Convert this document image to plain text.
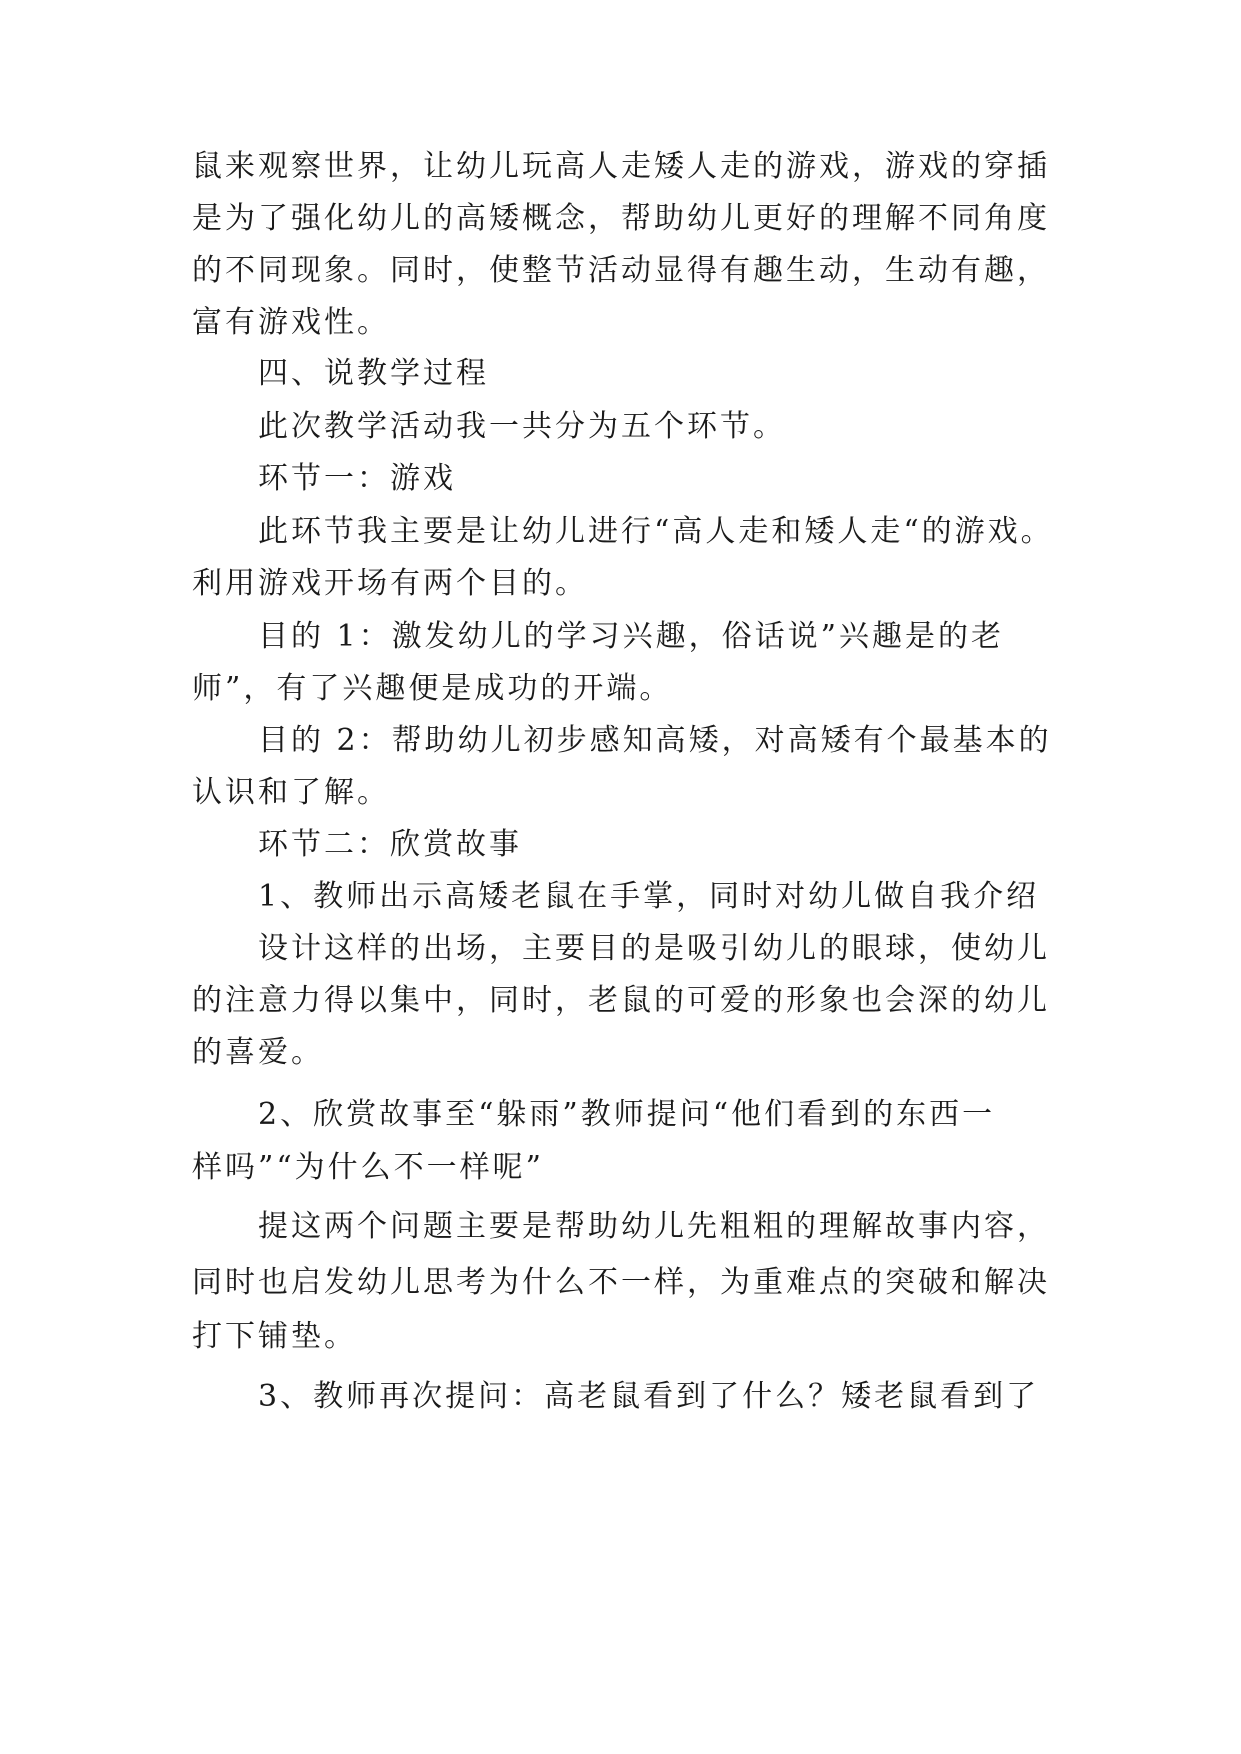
鼠来观察世界，让幼儿玩高人走矮人走的游戏，游戏的穿插
是为了强化幼儿的高矮概念，帮助幼儿更好的理解不同角度
的不同现象。同时，使整节活动显得有趣生动，生动有趣，
富有游戏性。
四、说教学过程
此次教学活动我一共分为五个环节。
环节一：游戏
此环节我主要是让幼儿进行“高人走和矮人走“的游戏。
利用游戏开场有两个目的。
目的 1：激发幼儿的学习兴趣，俗话说”兴趣是的老
师”，有了兴趣便是成功的开端。
目的 2：帮助幼儿初步感知高矮，对高矮有个最基本的
认识和了解。
环节二：欣赏故事
1、教师出示高矮老鼠在手掌，同时对幼儿做自我介绍
设计这样的出场，主要目的是吸引幼儿的眼球，使幼儿
的注意力得以集中，同时，老鼠的可爱的形象也会深的幼儿
的喜爱。
2、欣赏故事至“躲雨”教师提问“他们看到的东西一
样吗”“为什么不一样呢”
提这两个问题主要是帮助幼儿先粗粗的理解故事内容，
同时也启发幼儿思考为什么不一样，为重难点的突破和解决
打下铺垫。
3、教师再次提问：高老鼠看到了什么？矮老鼠看到了
